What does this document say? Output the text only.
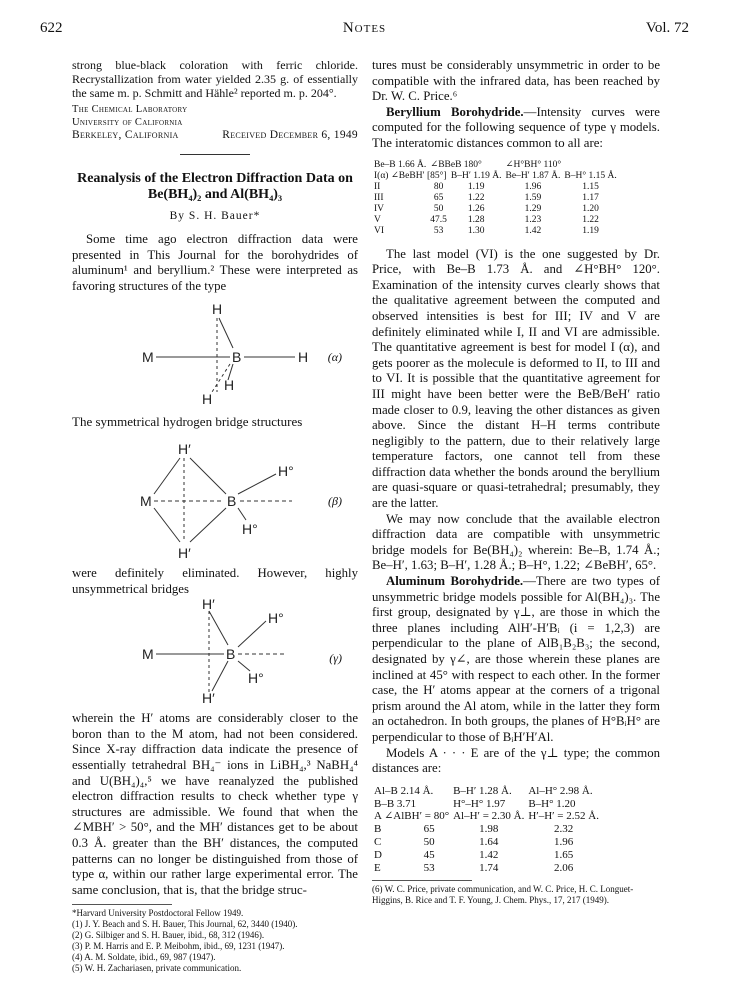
622	Notes	Vol. 72

strong blue-black coloration with ferric chloride. Recrystallization from water yielded 2.35 g. of essentially the same m. p. Schmitt and Hähle² reported m. p. 204°.

The Chemical Laboratory
University of California
Berkeley, California	Received December 6, 1949
Reanalysis of the Electron Diffraction Data on
Be(BH₄)₂ and Al(BH₄)₃
By S. H. Bauer*

Some time ago electron diffraction data were presented in This Journal for the borohydrides of aluminum¹ and beryllium.² These were interpreted as favoring structures of the type

M	B	H
H
H
H
(α)

The symmetrical hydrogen bridge structures

M	B
H′
H′
H°
H°
(β)

were definitely eliminated. However, highly unsymmetrical bridges

M	B
H′
H′
H°
H°
(γ)

wherein the H′ atoms are considerably closer to the boron than to the M atom, had not been considered. Since X-ray diffraction data indicate the presence of essentially tetrahedral BH₄⁻ ions in LiBH₄,³ NaBH₄⁴ and U(BH₄)₄,⁵ we have reanalyzed the published electron diffraction results to check whether type γ structures are admissible. We found that when the ∠MBH′ > 50°, and the MH′ distances get to be about 0.3 Å. greater than the BH′ distances, the computed patterns can no longer be distinguished from those of type α, within our rather large experimental error. The same conclusion, that is, that the bridge struc-

*Harvard University Postdoctoral Fellow 1949.
(1) J. Y. Beach and S. H. Bauer, This Journal, 62, 3440 (1940).
(2) G. Silbiger and S. H. Bauer, ibid., 68, 312 (1946).
(3) P. M. Harris and E. P. Meibohm, ibid., 69, 1231 (1947).
(4) A. M. Soldate, ibid., 69, 987 (1947).
(5) W. H. Zachariasen, private communication.

tures must be considerably unsymmetric in order to be compatible with the infrared data, has been reached by Dr. W. C. Price.⁶

Beryllium Borohydride.—Intensity curves were computed for the following sequence of type γ models. The interatomic distances common to all are:

Be–B 1.66 Å.	∠BBeB 180°		∠H°BH° 110°	
I(α) ∠BeBH′ [85°]		B–H′ 1.19 Å.	Be–H′ 1.87 Å.	B–H° 1.15 Å.
II	80	1.19	1.96	1.15
III	65	1.22	1.59	1.17
IV	50	1.26	1.29	1.20
V	47.5	1.28	1.23	1.22
VI	53	1.30	1.42	1.19

The last model (VI) is the one suggested by Dr. Price, with Be–B 1.73 Å. and ∠H°BH° 120°. Examination of the intensity curves clearly shows that the qualitative agreement between the computed and observed intensities is best for III; IV and V are definitely eliminated while I, II and VI are admissible. The quantitative agreement is best for model I (α), and gets poorer as the molecule is deformed to II, to III and to VI. It is possible that the quantitative agreement for III might have been better were the BeB/BeH′ ratio made closer to 0.9, leaving the other distances as given above. Since the distant H–H terms contribute negligibly to the pattern, due to their relatively large temperature factors, one cannot tell from these diffraction data whether the bonds around the beryllium are quasi-square or quasi-tetrahedral; presumably, they are the latter.

We may now conclude that the available electron diffraction data are compatible with unsymmetric bridge models for Be(BH₄)₂ wherein: Be–B, 1.74 Å.; Be–H′, 1.63; B–H′, 1.28 Å.; B–H°, 1.22; ∠BeBH′, 65°.

Aluminum Borohydride.—There are two types of unsymmetric bridge models possible for Al(BH₄)₃. The first group, designated by γ⊥, are those in which the three planes including AlH′-H′Bᵢ (i = 1,2,3) are perpendicular to the plane of AlB₁B₂B₃; the second, designated by γ∠, are those wherein these planes are inclined at 45° with respect to each other. In the former case, the H′ atoms appear at the corners of a trigonal prism around the Al atom, while in the latter they form an octahedron. In both groups, the planes of H°BᵢH° are perpendicular to those of BᵢH′H′Al.

Models A · · · E are of the γ⊥ type; the common distances are:

Al–B 2.14 Å.		B–H′ 1.28 Å.	Al–H° 2.98 Å.
B–B 3.71		H°–H° 1.97	B–H° 1.20
A ∠AlBH′ = 80°		Al–H′ = 2.30 Å.	H′–H′ = 2.52 Å.
B	65	1.98	2.32
C	50	1.64	1.96
D	45	1.42	1.65
E	53	1.74	2.06
(6) W. C. Price, private communication, and W. C. Price, H. C. Longuet-Higgins, B. Rice and T. F. Young, J. Chem. Phys., 17, 217 (1949).
